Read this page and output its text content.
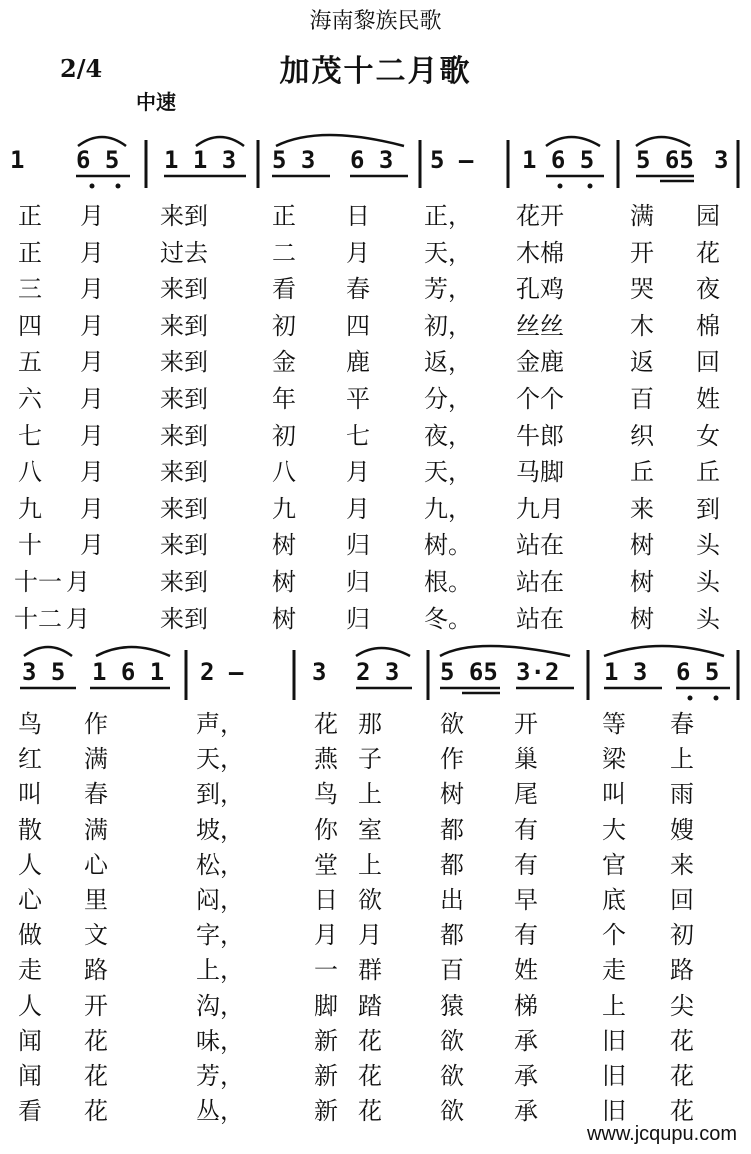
海南黎族民歌
加茂十二月歌
2/4
中速
1 6 5 1 1 3 5 3 6 3 5 — 1 6 5 5 65 3
3 5 1 6 1 2 —	3 2 3 5 65 3·2 1 3 6 5
正 月 来到	正 日 正， 花开	满 园
正 月 过去	二 月 天， 木棉	开 花
三 月 来到	看 春 芳， 孔鸡	哭 夜
四 月 来到	初 四 初， 丝丝	木 棉
五 月 来到	金 鹿 返， 金鹿	返 回
六 月 来到	年 平 分， 个个	百 姓
七 月 来到	初 七 夜， 牛郎	织 女
八 月 来到	八 月 天， 马脚	丘 丘
九 月 来到	九 月 九， 九月	来 到
十 月 来到	树 归 树。 站在	树 头
十一 月	来到	树 归 根。 站在	树 头
十二 月	来到	树 归 冬。 站在	树 头
鸟 作	声，	花 那 欲 开	等 春
红 满	天，	燕 子 作 巢	梁 上
叫 春	到，	鸟 上 树 尾	叫 雨
散 满	坡，	你 室 都 有	大 嫂
人 心	松，	堂 上 都 有	官 来
心 里	闷，	日 欲 出 早	底 回
做 文	字，	月 月 都 有	个 初
走 路	上，	一 群 百 姓	走 路
人 开	沟，	脚 踏 猿 梯	上 尖
闻 花	味，	新 花 欲 承	旧 花
闻 花	芳，	新 花 欲 承	旧 花
看 花	丛，	新 花 欲 承	旧 花
www.jcqupu.com
